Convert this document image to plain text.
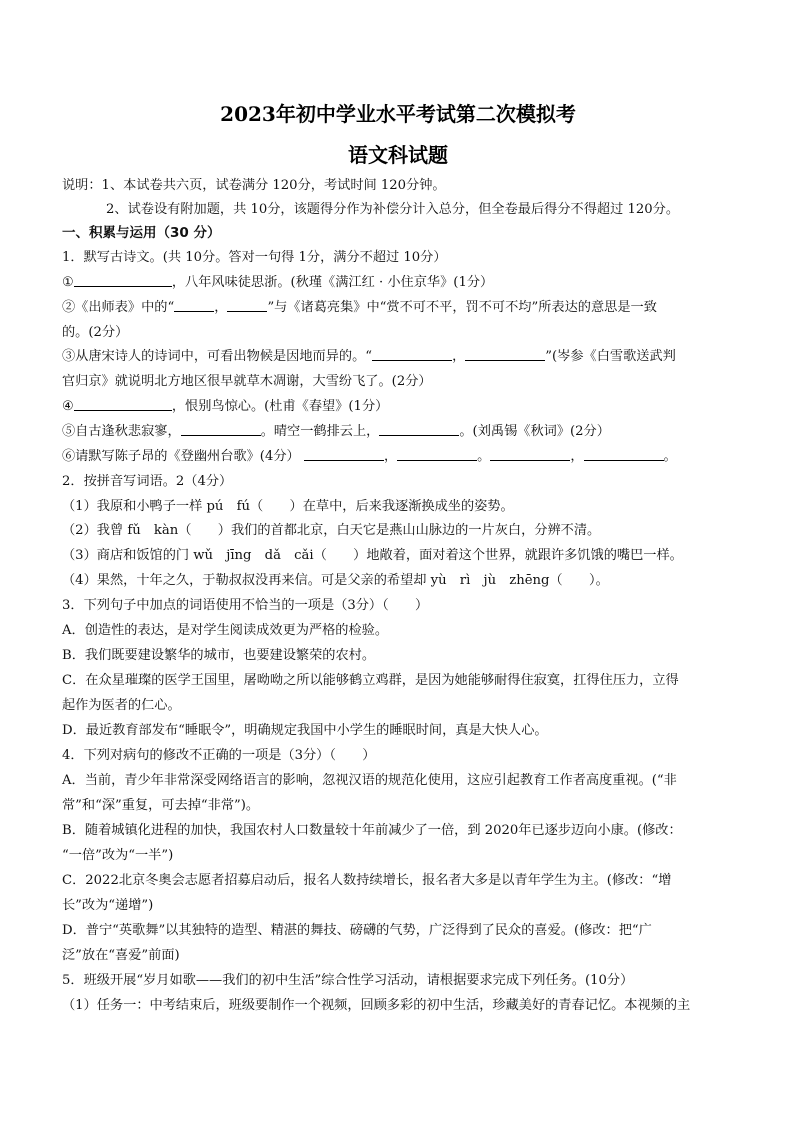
2023年初中学业水平考试第二次模拟考
语文科试题
说明：1、本试卷共六页，试卷满分 120分，考试时间 120分钟。
2、试卷设有附加题，共 10分，该题得分作为补偿分计入总分，但全卷最后得分不得超过 120分。
一、积累与运用（30 分）
1．默写古诗文。(共 10分。答对一句得 1分，满分不超过 10分）
①	，八年风味徒思浙。(秋瑾《满江红 · 小住京华》(1分）
②《出师表》中的“	，	”与《诸葛亮集》中“赏不可不平，罚不可不均”所表达的意思是一致
的。(2分）
③从唐宋诗人的诗词中，可看出物候是因地而异的。“	，	”(岑参《白雪歌送武判
官归京》就说明北方地区很早就草木凋谢，大雪纷飞了。(2分）
④	，恨别鸟惊心。(杜甫《春望》(1分）
⑤自古逢秋悲寂寥，	。晴空一鹤排云上，	。(刘禹锡《秋词》(2分）
⑥请默写陈子昂的《登幽州台歌》(4分）	，	。	，	。
2．按拼音写词语。2（4分）
（1）我原和小鸭子一样 pú　fú（　　）在草中，后来我逐渐换成坐的姿势。
（2）我曾 fǔ　kàn（　　）我们的首都北京，白天它是燕山山脉边的一片灰白，分辨不清。
（3）商店和饭馆的门 wǔ　jīng　dǎ　cǎi（　　）地敞着，面对着这个世界，就跟许多饥饿的嘴巴一样。
（4）果然，十年之久，于勒叔叔没再来信。可是父亲的希望却 yù　rì　jù　zhēng（　　）。
3．下列句子中加点的词语使用不恰当的一项是（3分）（　　）
A．创造性的表达，是对学生阅读成效更为严格的检验。
B．我们既要建设繁华的城市，也要建设繁荣的农村。
C．在众星璀璨的医学王国里，屠呦呦之所以能够鹤立鸡群，是因为她能够耐得住寂寞，扛得住压力，立得
起作为医者的仁心。
D．最近教育部发布“睡眠令”，明确规定我国中小学生的睡眠时间，真是大快人心。
4．下列对病句的修改不正确的一项是（3分）（　　）
A．当前，青少年非常深受网络语言的影响，忽视汉语的规范化使用，这应引起教育工作者高度重视。(“非
常”和“深”重复，可去掉“非常”)。
B．随着城镇化进程的加快，我国农村人口数量较十年前减少了一倍，到 2020年已逐步迈向小康。(修改：
“一倍”改为“一半”)
C．2022北京冬奥会志愿者招募启动后，报名人数持续增长，报名者大多是以青年学生为主。(修改：“增
长”改为“递增”)
D．普宁“英歌舞”以其独特的造型、精湛的舞技、磅礴的气势，广泛得到了民众的喜爱。(修改：把“广
泛”放在“喜爱”前面)
5．班级开展“岁月如歌——我们的初中生活”综合性学习活动，请根据要求完成下列任务。(10分）
（1）任务一：中考结束后，班级要制作一个视频，回顾多彩的初中生活，珍藏美好的青春记忆。本视频的主
